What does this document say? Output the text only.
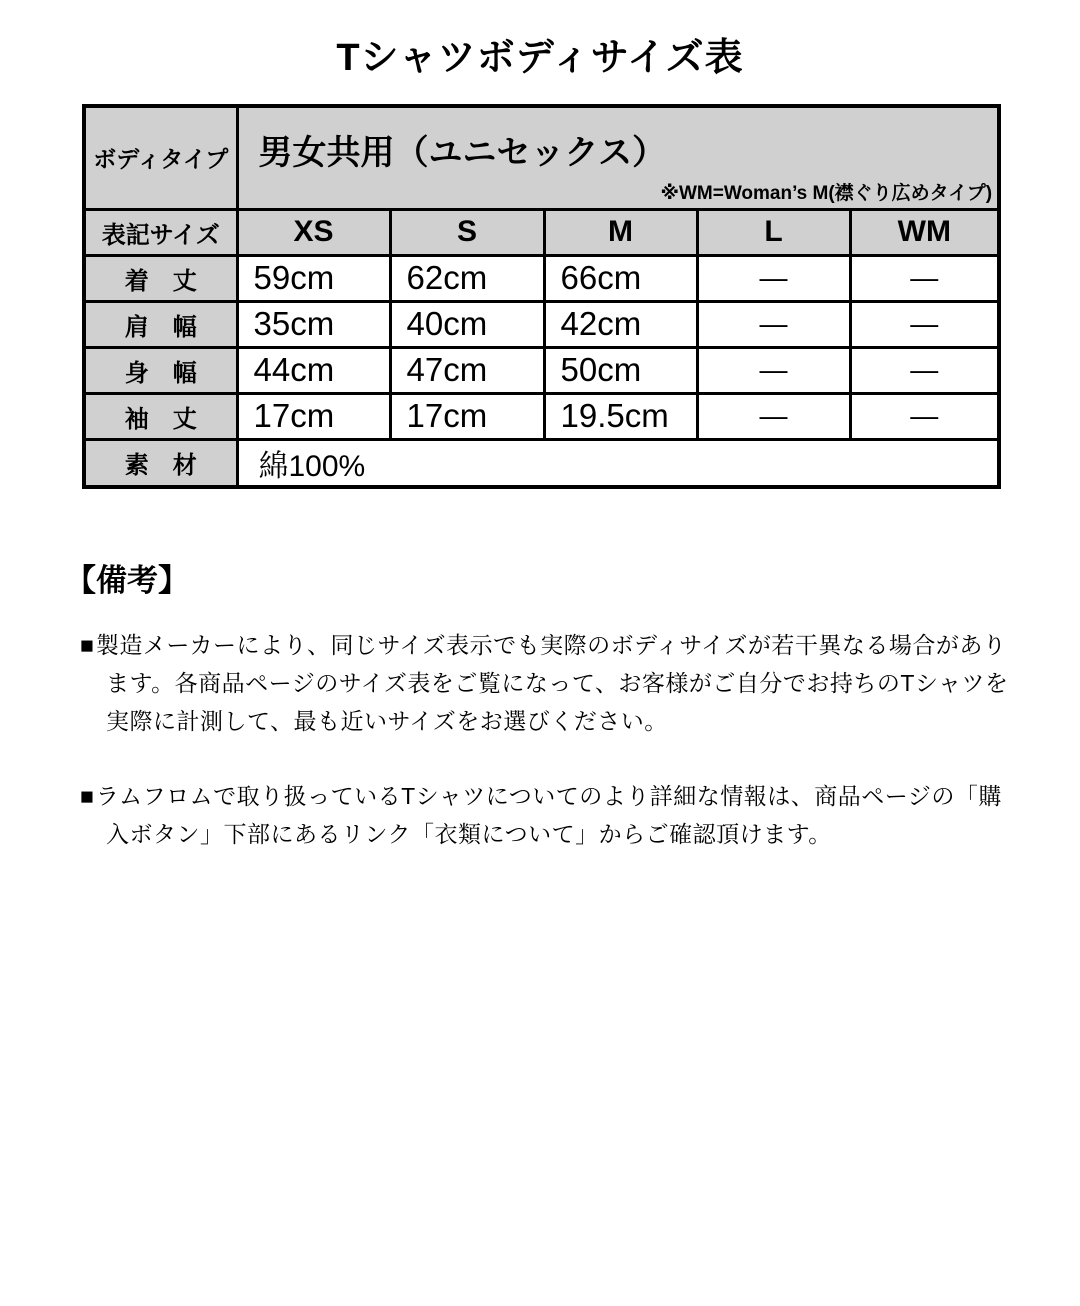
Tシャツボディサイズ表
ボディタイプ	男女共用（ユニセックス）
※WM=Woman’s M(襟ぐり広めタイプ)				

表記サイズ	XS	S	M	L	WM
着　丈	59cm	62cm	66cm	—	—
肩　幅	35cm	40cm	42cm	—	—
身　幅	44cm	47cm	50cm	—	—
袖　丈	17cm	17cm	19.5cm	—	—
素　材	綿100%				
【備考】

■製造メーカーにより、同じサイズ表示でも実際のボディサイズが若干異なる場合があります。各商品ページのサイズ表をご覧になって、お客様がご自分でお持ちのTシャツを実際に計測して、最も近いサイズをお選びください。

■ラムフロムで取り扱っているTシャツについてのより詳細な情報は、商品ページの「購入ボタン」下部にあるリンク「衣類について」からご確認頂けます。
